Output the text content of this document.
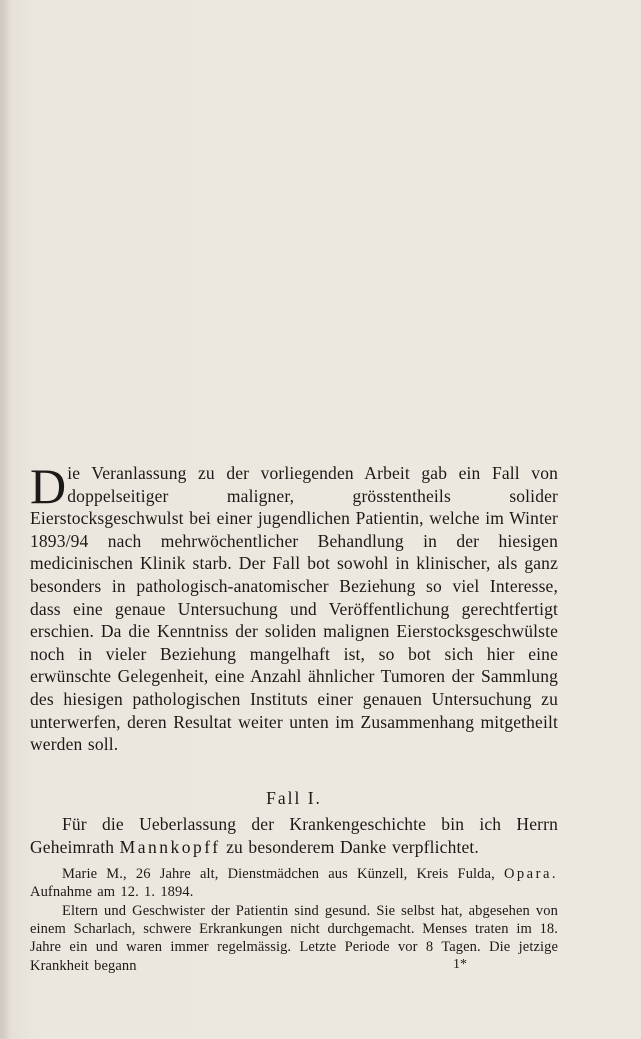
Die Veranlassung zu der vorliegenden Arbeit gab ein Fall von doppelseitiger maligner, grösstentheils solider Eierstocksgeschwulst bei einer jugendlichen Patientin, welche im Winter 1893/94 nach mehrwöchentlicher Behandlung in der hiesigen medicinischen Klinik starb. Der Fall bot sowohl in klinischer, als ganz besonders in pathologisch-anatomischer Beziehung so viel Interesse, dass eine genaue Untersuchung und Veröffentlichung gerechtfertigt erschien. Da die Kenntniss der soliden malignen Eierstocksgeschwülste noch in vieler Beziehung mangelhaft ist, so bot sich hier eine erwünschte Gelegenheit, eine Anzahl ähnlicher Tumoren der Sammlung des hiesigen pathologischen Instituts einer genauen Untersuchung zu unterwerfen, deren Resultat weiter unten im Zusammenhang mitgetheilt werden soll.
Fall I.
Für die Ueberlassung der Krankengeschichte bin ich Herrn Geheimrath Mannkopff zu besonderem Danke verpflichtet.
Marie M., 26 Jahre alt, Dienstmädchen aus Künzell, Kreis Fulda, Opara. Aufnahme am 12. 1. 1894.
Eltern und Geschwister der Patientin sind gesund. Sie selbst hat, abgesehen von einem Scharlach, schwere Erkrankungen nicht durchgemacht. Menses traten im 18. Jahre ein und waren immer regelmässig. Letzte Periode vor 8 Tagen. Die jetzige Krankheit begann	1*
